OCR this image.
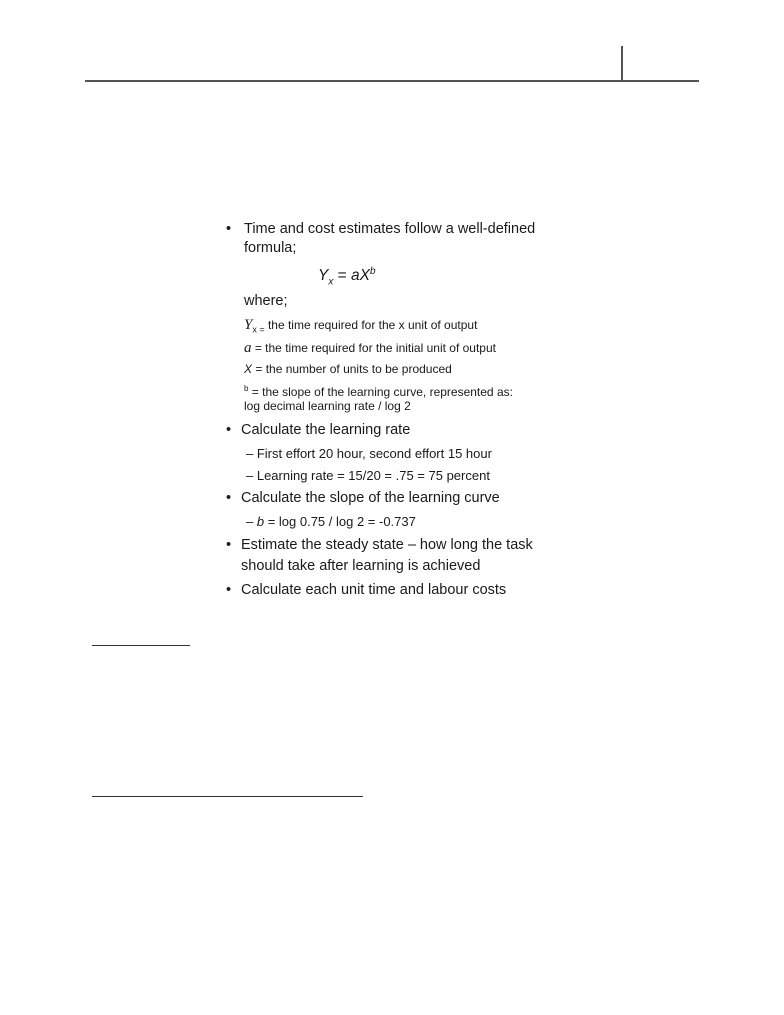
• Time and cost estimates follow a well-defined
formula;
$Y_x = aX^b$
where;
$Y_{x =}$ the time required for the x unit of output
a = the time required for the initial unit of output
X = the number of units to be produced
$^b$ = the slope of the learning curve, represented as:
log decimal learning rate / log 2
• Calculate the learning rate
– First effort 20 hour, second effort 15 hour
– Learning rate = 15/20 = .75 = 75 percent
• Calculate the slope of the learning curve
– b = log 0.75 / log 2 = -0.737
• Estimate the steady state – how long the task
should take after learning is achieved
• Calculate each unit time and labour costs
